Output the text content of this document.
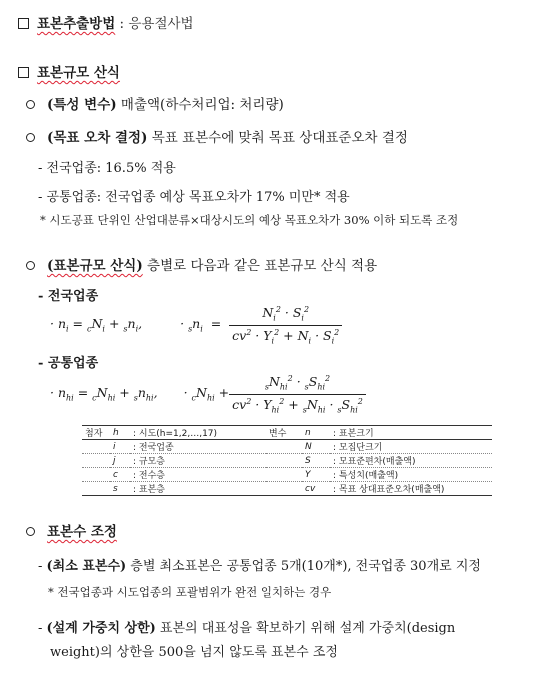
표본추출방법 : 응용절사법
표본규모 산식
(특성 변수) 매출액(하수처리업: 처리량)
(목표 오차 결정) 목표 표본수에 맞춰 목표 상대표준오차 결정
- 전국업종: 16.5% 적용
- 공통업종: 전국업종 예상 목표오차가 17% 미만* 적용
* 시도공표 단위인 산업대분류×대상시도의 예상 목표오차가 30% 이하 되도록 조정
(표본규모 산식) 층별로 다음과 같은 표본규모 산식 적용
- 전국업종
· $n_i = _cN_i + _sn_i$,	· $_sn_i = \frac{N_i^2 \cdot S_i^2}{cv^2 \cdot Y_i^2 + N_i \cdot S_i^2}$
- 공통업종
· $n_{hi} = _cN_{hi} + _sn_{hi}$, · $_cN_{hi} + \frac{_sN_{hi}^2 \cdot _sS_{hi}^2}{cv^2 \cdot Y_{hi}^2 + _sN_{hi} \cdot _sS_{hi}^2}$
첨자	h	: 시도(h=1,2,…,17)	변수	n	: 표본크기
	i	: 전국업종		N	: 모집단크기
	j	: 규모층		S	: 모표준편차(매출액)
	c	: 전수층		Y	: 특성치(매출액)
	s	: 표본층		cv	: 목표 상대표준오차(매출액)
표본수 조정
- (최소 표본수) 층별 최소표본은 공통업종 5개(10개*), 전국업종 30개로 지정
* 전국업종과 시도업종의 포괄범위가 완전 일치하는 경우
- (설계 가중치 상한) 표본의 대표성을 확보하기 위해 설계 가중치(design
weight)의 상한을 500을 넘지 않도록 표본수 조정
